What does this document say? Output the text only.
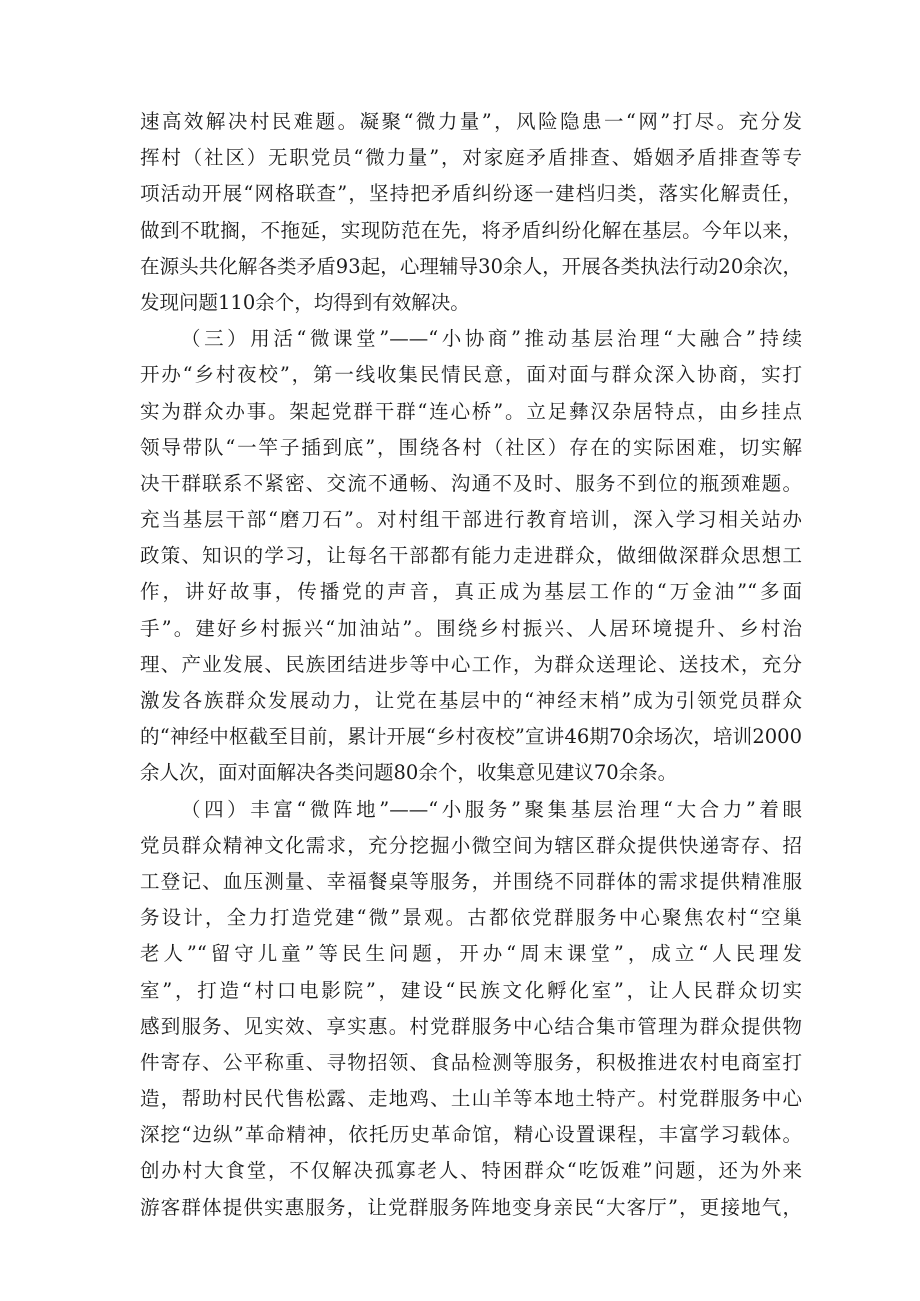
速高效解决村民难题。凝聚“微力量”，风险隐患一“网”打尽。充分发
挥村（社区）无职党员“微力量”，对家庭矛盾排查、婚姻矛盾排查等专
项活动开展“网格联查”，坚持把矛盾纠纷逐一建档归类，落实化解责任，
做到不耽搁，不拖延，实现防范在先，将矛盾纠纷化解在基层。今年以来，
在源头共化解各类矛盾93起，心理辅导30余人，开展各类执法行动20余次，
发现问题110余个，均得到有效解决。
（三）用活“微课堂”——“小协商”推动基层治理“大融合”持续
开办“乡村夜校”，第一线收集民情民意，面对面与群众深入协商，实打
实为群众办事。架起党群干群“连心桥”。立足彝汉杂居特点，由乡挂点
领导带队“一竿子插到底”，围绕各村（社区）存在的实际困难，切实解
决干群联系不紧密、交流不通畅、沟通不及时、服务不到位的瓶颈难题。
充当基层干部“磨刀石”。对村组干部进行教育培训，深入学习相关站办
政策、知识的学习，让每名干部都有能力走进群众，做细做深群众思想工
作，讲好故事，传播党的声音，真正成为基层工作的“万金油”“多面
手”。建好乡村振兴“加油站”。围绕乡村振兴、人居环境提升、乡村治
理、产业发展、民族团结进步等中心工作，为群众送理论、送技术，充分
激发各族群众发展动力，让党在基层中的“神经末梢”成为引领党员群众
的“神经中枢截至目前，累计开展“乡村夜校”宣讲46期70余场次，培训2000
余人次，面对面解决各类问题80余个，收集意见建议70余条。
（四）丰富“微阵地”——“小服务”聚集基层治理“大合力”着眼
党员群众精神文化需求，充分挖掘小微空间为辖区群众提供快递寄存、招
工登记、血压测量、幸福餐桌等服务，并围绕不同群体的需求提供精准服
务设计，全力打造党建“微”景观。古都依党群服务中心聚焦农村“空巢
老人”“留守儿童”等民生问题，开办“周末课堂”，成立“人民理发
室”，打造“村口电影院”，建设“民族文化孵化室”，让人民群众切实
感到服务、见实效、享实惠。村党群服务中心结合集市管理为群众提供物
件寄存、公平称重、寻物招领、食品检测等服务，积极推进农村电商室打
造，帮助村民代售松露、走地鸡、土山羊等本地土特产。村党群服务中心
深挖“边纵”革命精神，依托历史革命馆，精心设置课程，丰富学习载体。
创办村大食堂，不仅解决孤寡老人、特困群众“吃饭难”问题，还为外来
游客群体提供实惠服务，让党群服务阵地变身亲民“大客厅”，更接地气，
